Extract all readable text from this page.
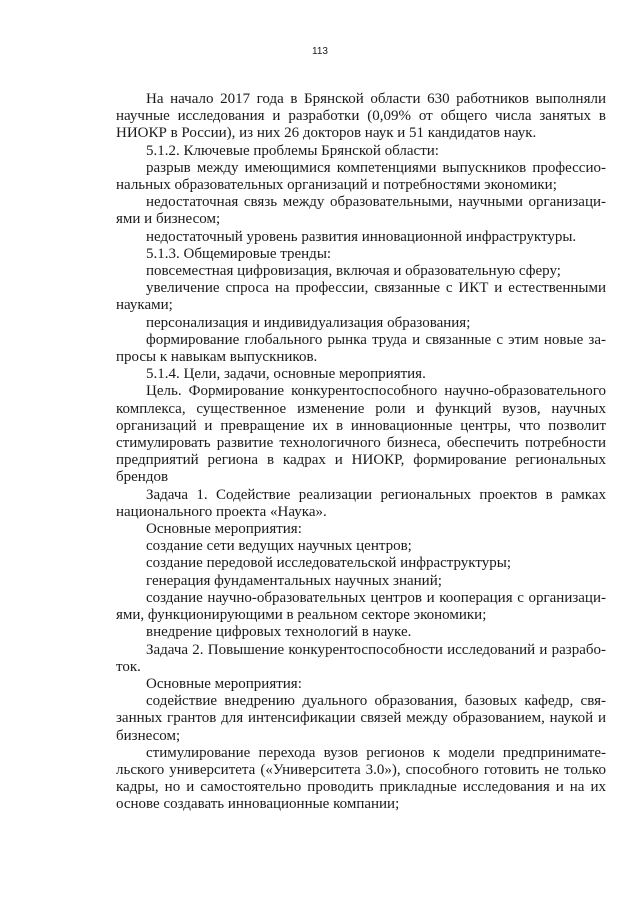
113

На начало 2017 года в Брянской области 630 работников выполняли научные исследования и разработки (0,09% от общего числа занятых в НИОКР в России), из них 26 докторов наук и 51 кандидатов наук.

5.1.2. Ключевые проблемы Брянской области:

разрыв между имеющимися компетенциями выпускников профессиональных образовательных организаций и потребностями экономики;

недостаточная связь между образовательными, научными организациями и бизнесом;

недостаточный уровень развития инновационной инфраструктуры.

5.1.3. Общемировые тренды:

повсеместная цифровизация, включая и образовательную сферу;

увеличение спроса на профессии, связанные с ИКТ и естественными науками;

персонализация и индивидуализация образования;

формирование глобального рынка труда и связанные с этим новые запросы к навыкам выпускников.

5.1.4. Цели, задачи, основные мероприятия.

Цель. Формирование конкурентоспособного научно-образовательного комплекса, существенное изменение роли и функций вузов, научных организаций и превращение их в инновационные центры, что позволит стимулировать развитие технологичного бизнеса, обеспечить потребности предприятий региона в кадрах и НИОКР, формирование региональных брендов

Задача 1. Содействие реализации региональных проектов в рамках национального проекта «Наука».

Основные мероприятия:

создание сети ведущих научных центров;

создание передовой исследовательской инфраструктуры;

генерация фундаментальных научных знаний;

создание научно-образовательных центров и кооперация с организациями, функционирующими в реальном секторе экономики;

внедрение цифровых технологий в науке.

Задача 2. Повышение конкурентоспособности исследований и разработок.

Основные мероприятия:

содействие внедрению дуального образования, базовых кафедр, связанных грантов для интенсификации связей между образованием, наукой и бизнесом;

стимулирование перехода вузов регионов к модели предпринимательского университета («Университета 3.0»), способного готовить не только кадры, но и самостоятельно проводить прикладные исследования и на их основе создавать инновационные компании;
